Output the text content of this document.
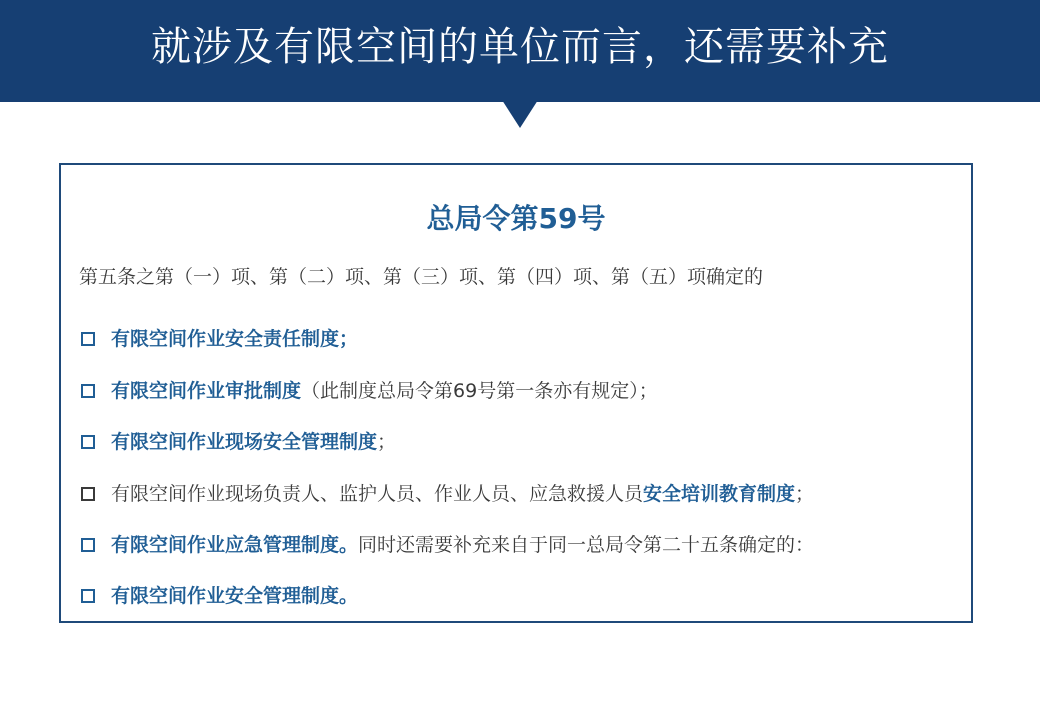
就涉及有限空间的单位而言，还需要补充
总局令第59号
第五条之第（一）项、第（二）项、第（三）项、第（四）项、第（五）项确定的
有限空间作业安全责任制度；
有限空间作业审批制度 （此制度总局令第69号第一条亦有规定）；
有限空间作业现场安全管理制度 ；
有限空间作业现场负责人、监护人员、作业人员、应急救援人员 安全培训教育制度 ；
有限空间作业应急管理制度。 同时还需要补充来自于同一总局令第二十五条确定的：
有限空间作业安全管理制度。
